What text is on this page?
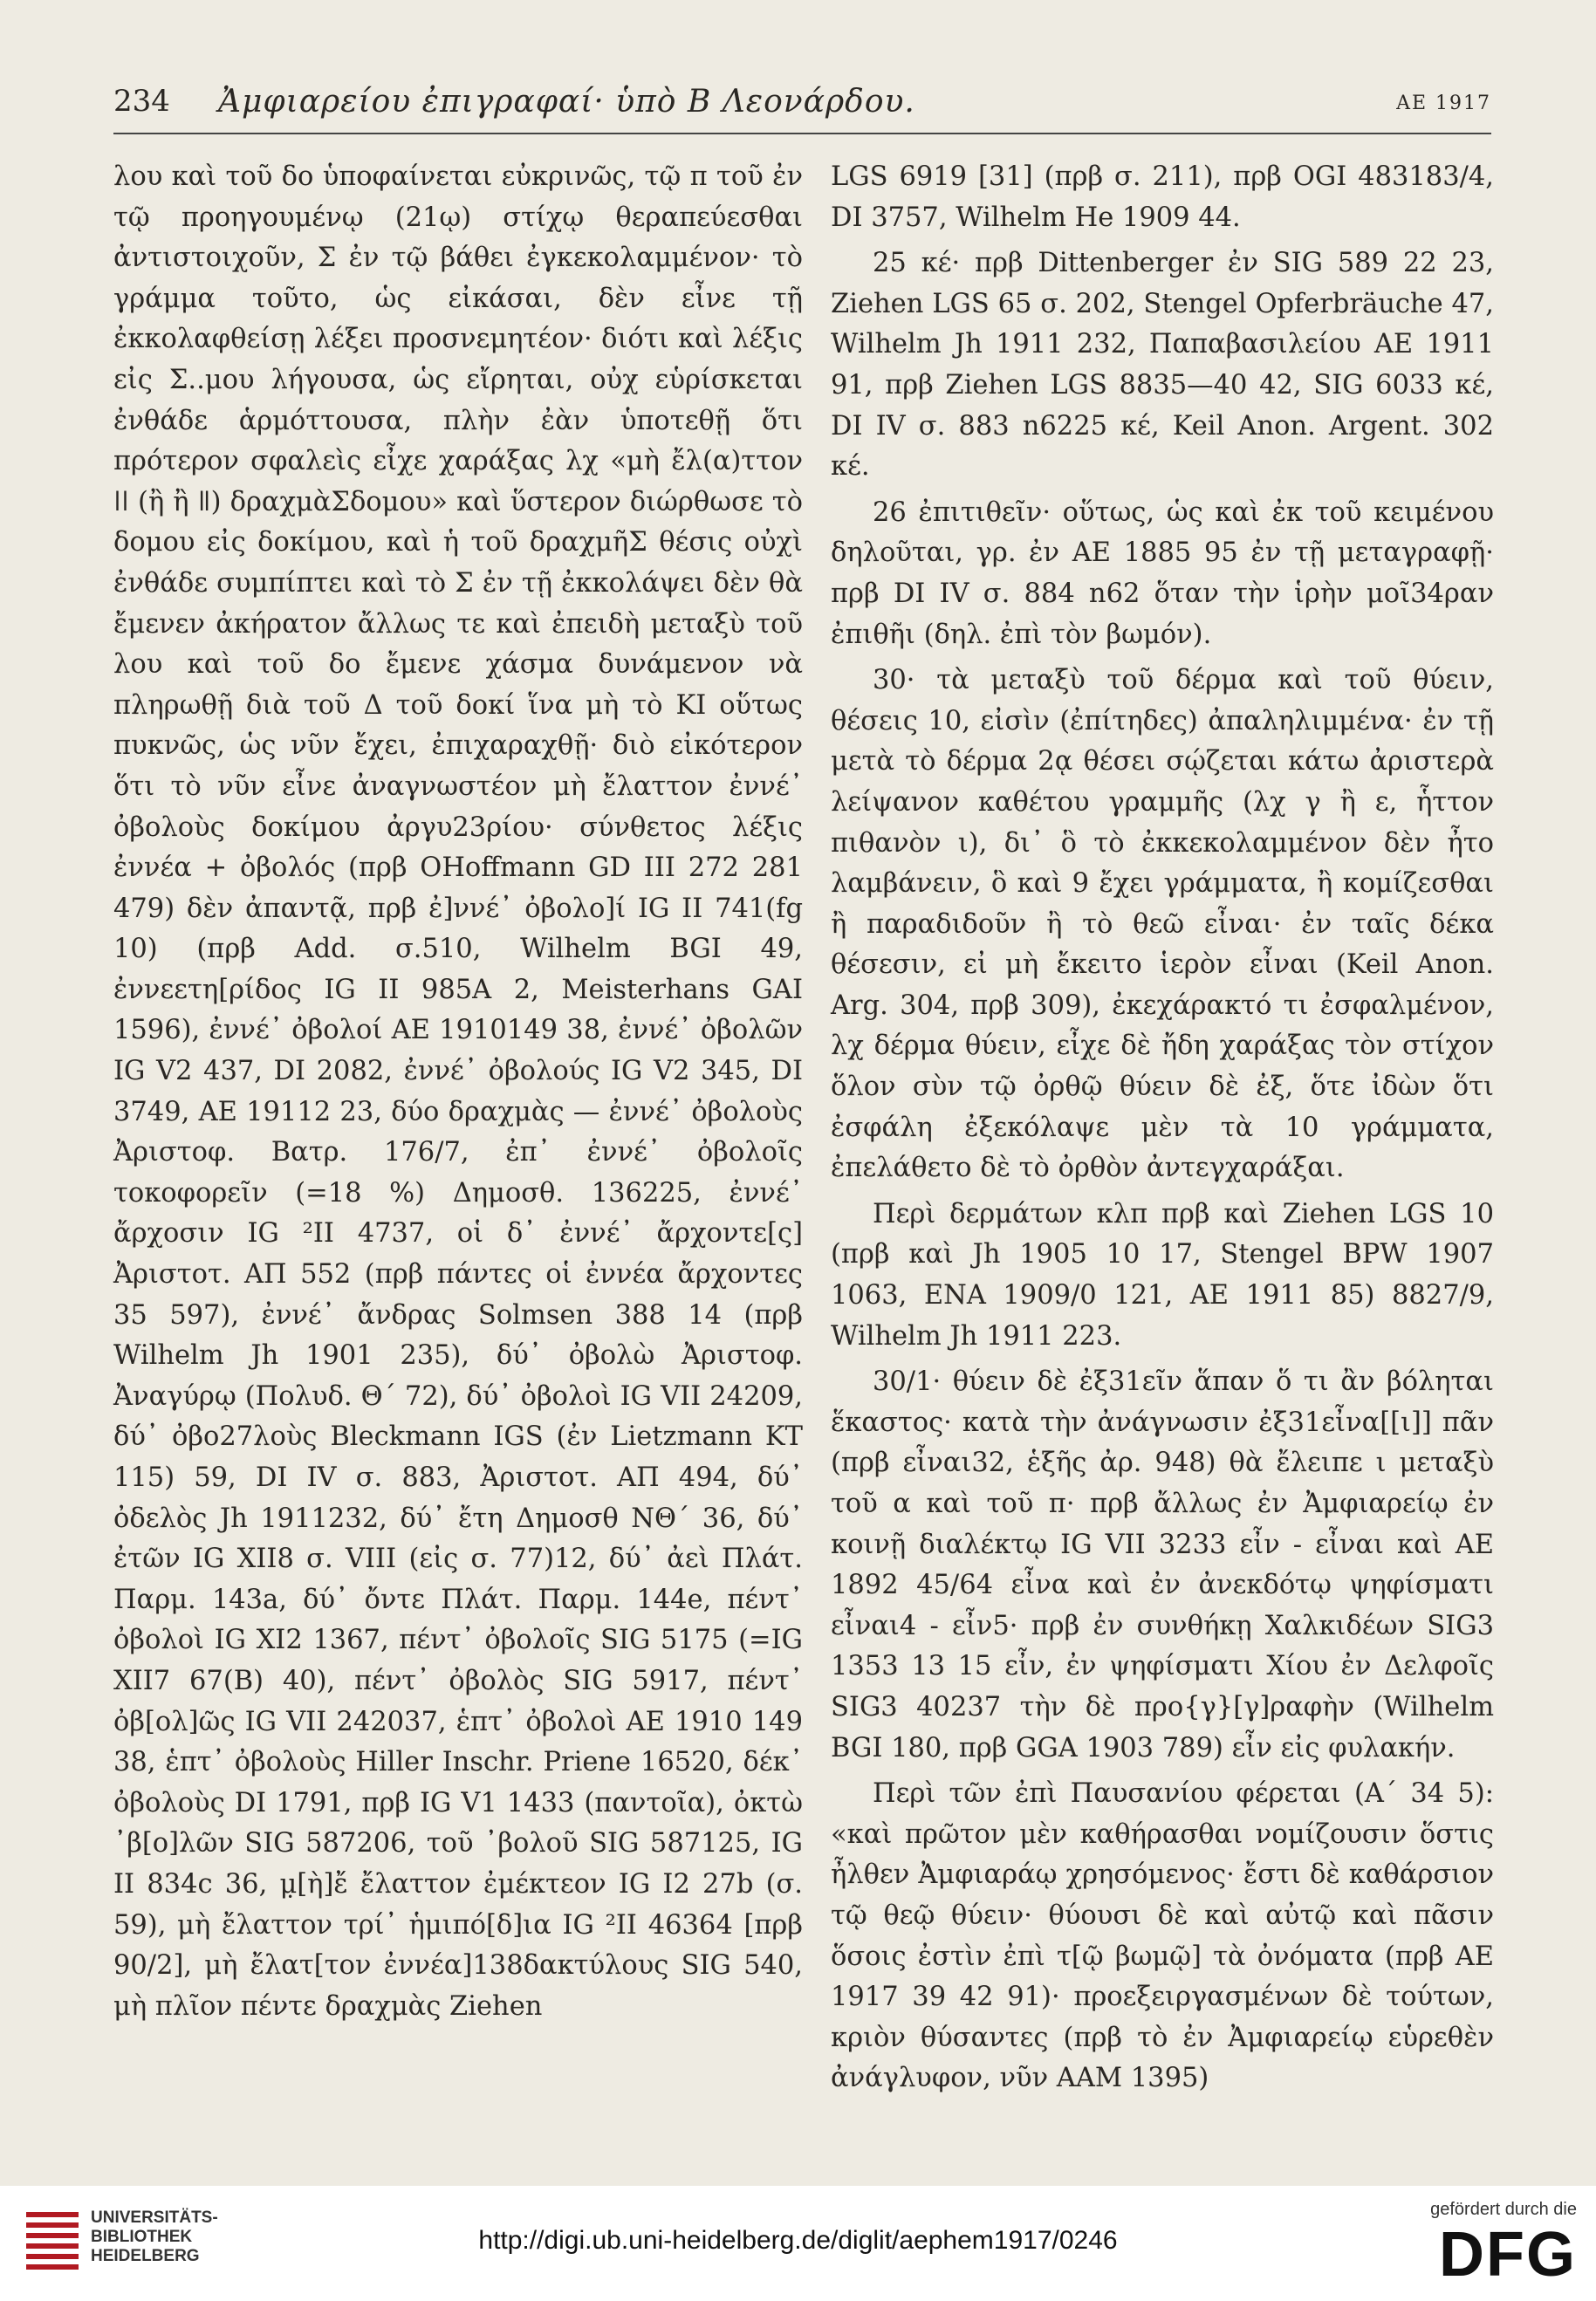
234 Ἀμφιαρείου ἐπιγραφαί· ὑπὸ Β Λεονάρδου.	ΑΕ 1917

λου καὶ τοῦ δο ὑποφαίνεται εὐκρινῶς, τῷ π τοῦ ἐν τῷ προηγουμένῳ (21ῳ) στίχῳ θεραπεύεσθαι ἀντιστοιχοῦν, Σ ἐν τῷ βάθει ἐγκεκολαμμένον· τὸ γράμμα τοῦτο, ὡς εἰκάσαι, δὲν εἶνε τῇ ἐκκολαφθείσῃ λέξει προσνεμητέον· διότι καὶ λέξις εἰς Σ..μου λήγουσα, ὡς εἴρηται, οὐχ εὑρίσκεται ἐνθάδε ἁρμόττουσα, πλὴν ἐὰν ὑποτεθῇ ὅτι πρότερον σφαλεὶς εἶχε χαράξας λχ «μὴ ἔλ(α)ττον ǀǀ (ἢ ἢ ǁ) δραχμὰΣδομου» καὶ ὕστερον διώρθωσε τὸ δομου εἰς δοκίμου, καὶ ἡ τοῦ δραχμῆΣ θέσις οὐχὶ ἐνθάδε συμπίπτει καὶ τὸ Σ ἐν τῇ ἐκκολάψει δὲν θὰ ἔμενεν ἀκήρατον ἄλλως τε καὶ ἐπειδὴ μεταξὺ τοῦ λου καὶ τοῦ δο ἔμενε χάσμα δυνάμενον νὰ πληρωθῇ διὰ τοῦ Δ τοῦ δοκί ἵνα μὴ τὸ ΚΙ οὕτως πυκνῶς, ὡς νῦν ἔχει, ἐπιχαραχθῇ· διὸ εἰκότερον ὅτι τὸ νῦν εἶνε ἀναγνωστέον μὴ ἔλαττον ἐννέ᾽ ὀβολοὺς δοκίμου ἀργυ23ρίου· σύνθετος λέξις ἐννέα + ὀβολός (πρβ OHoffmann GD III 272 281 479) δὲν ἀπαντᾷ, πρβ ἐ]ννέ᾽ ὀβολο]ί IG II 741(fg 10) (πρβ Add. σ.510, Wilhelm BGI 49, ἐννεετη[ρίδος IG II 985A 2, Meisterhans GAI 1596), ἐννέ᾽ ὀβολοί ΑΕ 1910149 38, ἐννέ᾽ ὀβολῶν IG V2 437, DI 2082, ἐννέ᾽ ὀβολούς IG V2 345, DI 3749, ΑΕ 19112 23, δύο δραχμὰς — ἐννέ᾽ ὀβολοὺς Ἀριστοφ. Βατρ. 176/7, ἐπ᾽ ἐννέ᾽ ὀβολοῖς τοκοφορεῖν (=18 %) Δημοσθ. 136225, ἐννέ᾽ ἄρχοσιν IG ²II 4737, οἱ δ᾽ ἐννέ᾽ ἄρχοντε[ς] Ἀριστοτ. ΑΠ 552 (πρβ πάντες οἱ ἐννέα ἄρχοντες 35 597), ἐννέ᾽ ἄνδρας Solmsen 388 14 (πρβ Wilhelm Jh 1901 235), δύ᾽ ὀβολὼ Ἀριστοφ. Ἀναγύρῳ (Πολυδ. Θ´ 72), δύ᾽ ὀβολοὶ IG VII 24209, δύ᾽ ὀβο27λοὺς Bleckmann IGS (ἐν Lietzmann KT 115) 59, DI IV σ. 883, Ἀριστοτ. ΑΠ 494, δύ᾽ ὀδελὸς Jh 1911232, δύ᾽ ἔτη Δημοσθ ΝΘ´ 36, δύ᾽ ἐτῶν IG XII8 σ. VIII (εἰς σ. 77)12, δύ᾽ ἀεὶ Πλάτ. Παρμ. 143a, δύ᾽ ὄντε Πλάτ. Παρμ. 144e, πέντ᾽ ὀβολοὶ IG XI2 1367, πέντ᾽ ὀβολοῖς SIG 5175 (=IG XII7 67(B) 40), πέντ᾽ ὀβολὸς SIG 5917, πέντ᾽ ὀβ[ολ]ῶς IG VII 242037, ἑπτ᾽ ὀβολοὶ ΑΕ 1910 149 38, ἑπτ᾽ ὀβολοὺς Hiller Inschr. Priene 16520, δέκ᾽ ὀβολοὺς DI 1791, πρβ IG V1 1433 (παντοῖα), ὀκτὼ ᾽β[ο]λῶν SIG 587206, τοῦ ᾽βολοῦ SIG 587125, IG II 834c 36, μ̣[ὴ]ἔ ἔλαττον ἐμέκτεον IG I2 27b (σ. 59), μὴ ἔλαττον τρί᾽ ἡμιπό[δ]ια IG ²II 46364 [πρβ 90/2], μὴ ἔλατ[τον ἐννέα]138δακτύλους SIG 540, μὴ πλῖον πέντε δραχμὰς Ziehen

LGS 6919 [31] (πρβ σ. 211), πρβ OGI 483183/4, DI 3757, Wilhelm He 1909 44.

25 κέ· πρβ Dittenberger ἐν SIG 589 22 23, Ziehen LGS 65 σ. 202, Stengel Opferbräuche 47, Wilhelm Jh 1911 232, Παπαβασιλείου ΑΕ 1911 91, πρβ Ziehen LGS 8835—40 42, SIG 6033 κέ, DI IV σ. 883 n6225 κέ, Keil Anon. Argent. 302 κέ.

26 ἐπιτιθεῖν· οὕτως, ὡς καὶ ἐκ τοῦ κειμένου δηλοῦται, γρ. ἐν ΑΕ 1885 95 ἐν τῇ μεταγραφῇ· πρβ DI IV σ. 884 n62 ὅταν τὴν ἱρὴν μοῖ34ραν ἐπιθῆι (δηλ. ἐπὶ τὸν βωμόν).

30· τὰ μεταξὺ τοῦ δέρμα καὶ τοῦ θύειν, θέσεις 10, εἰσὶν (ἐπίτηδες) ἀπαληλιμμένα· ἐν τῇ μετὰ τὸ δέρμα 2ᾳ θέσει σῴζεται κάτω ἀριστερὰ λείψανον καθέτου γραμμῆς (λχ γ ἢ ε, ἧττον πιθανὸν ι), δι᾽ ὃ τὸ ἐκκεκολαμμένον δὲν ἦτο λαμβάνειν, ὃ καὶ 9 ἔχει γράμματα, ἢ κομίζεσθαι ἢ παραδιδοῦν ἢ τὸ θεῶ εἶναι· ἐν ταῖς δέκα θέσεσιν, εἰ μὴ ἔκειτο ἱερὸν εἶναι (Keil Anon. Arg. 304, πρβ 309), ἐκεχάρακτό τι ἐσφαλμένον, λχ δέρμα θύειν, εἶχε δὲ ἤδη χαράξας τὸν στίχον ὅλον σὺν τῷ ὀρθῷ θύειν δὲ ἐξ, ὅτε ἰδὼν ὅτι ἐσφάλη ἐξεκόλαψε μὲν τὰ 10 γράμματα, ἐπελάθετο δὲ τὸ ὀρθὸν ἀντεγχαράξαι.

Περὶ δερμάτων κλπ πρβ καὶ Ziehen LGS 10 (πρβ καὶ Jh 1905 10 17, Stengel BPW 1907 1063, ΕΝΑ 1909/0 121, ΑΕ 1911 85) 8827/9, Wilhelm Jh 1911 223.

30/1· θύειν δὲ ἐξ31εῖν ἅπαν ὅ τι ἂν βόληται ἕκαστος· κατὰ τὴν ἀνάγνωσιν ἐξ31εἶνα[[ι]] πᾶν (πρβ εἶναι32, ἑξῆς ἀρ. 948) θὰ ἔλειπε ι μεταξὺ τοῦ α καὶ τοῦ π· πρβ ἄλλως ἐν Ἀμφιαρείῳ ἐν κοινῇ διαλέκτῳ IG VII 3233 εἶν - εἶναι καὶ ΑΕ 1892 45/64 εἶνα καὶ ἐν ἀνεκδότῳ ψηφίσματι εἶναι4 - εἶν5· πρβ ἐν συνθήκῃ Χαλκιδέων SIG3 1353 13 15 εἶν, ἐν ψηφίσματι Χίου ἐν Δελφοῖς SIG3 40237 τὴν δὲ προ{γ}[γ]ραφὴν (Wilhelm BGI 180, πρβ GGA 1903 789) εἶν εἰς φυλακήν.

Περὶ τῶν ἐπὶ Παυσανίου φέρεται (Α´ 34 5): «καὶ πρῶτον μὲν καθήρασθαι νομίζουσιν ὅστις ἦλθεν Ἀμφιαράῳ χρησόμενος· ἔστι δὲ καθάρσιον τῷ θεῷ θύειν· θύουσι δὲ καὶ αὐτῷ καὶ πᾶσιν ὅσοις ἐστὶν ἐπὶ τ[ῷ βωμῷ] τὰ ὀνόματα (πρβ ΑΕ 1917 39 42 91)· προεξειργασμένων δὲ τούτων, κριὸν θύσαντες (πρβ τὸ ἐν Ἀμφιαρείῳ εὑρεθὲν ἀνάγλυφον, νῦν ΑΑΜ 1395)

UNIVERSITÄTS-
BIBLIOTHEK
HEIDELBERG
http://digi.ub.uni-heidelberg.de/diglit/aephem1917/0246
gefördert durch die
DFG
